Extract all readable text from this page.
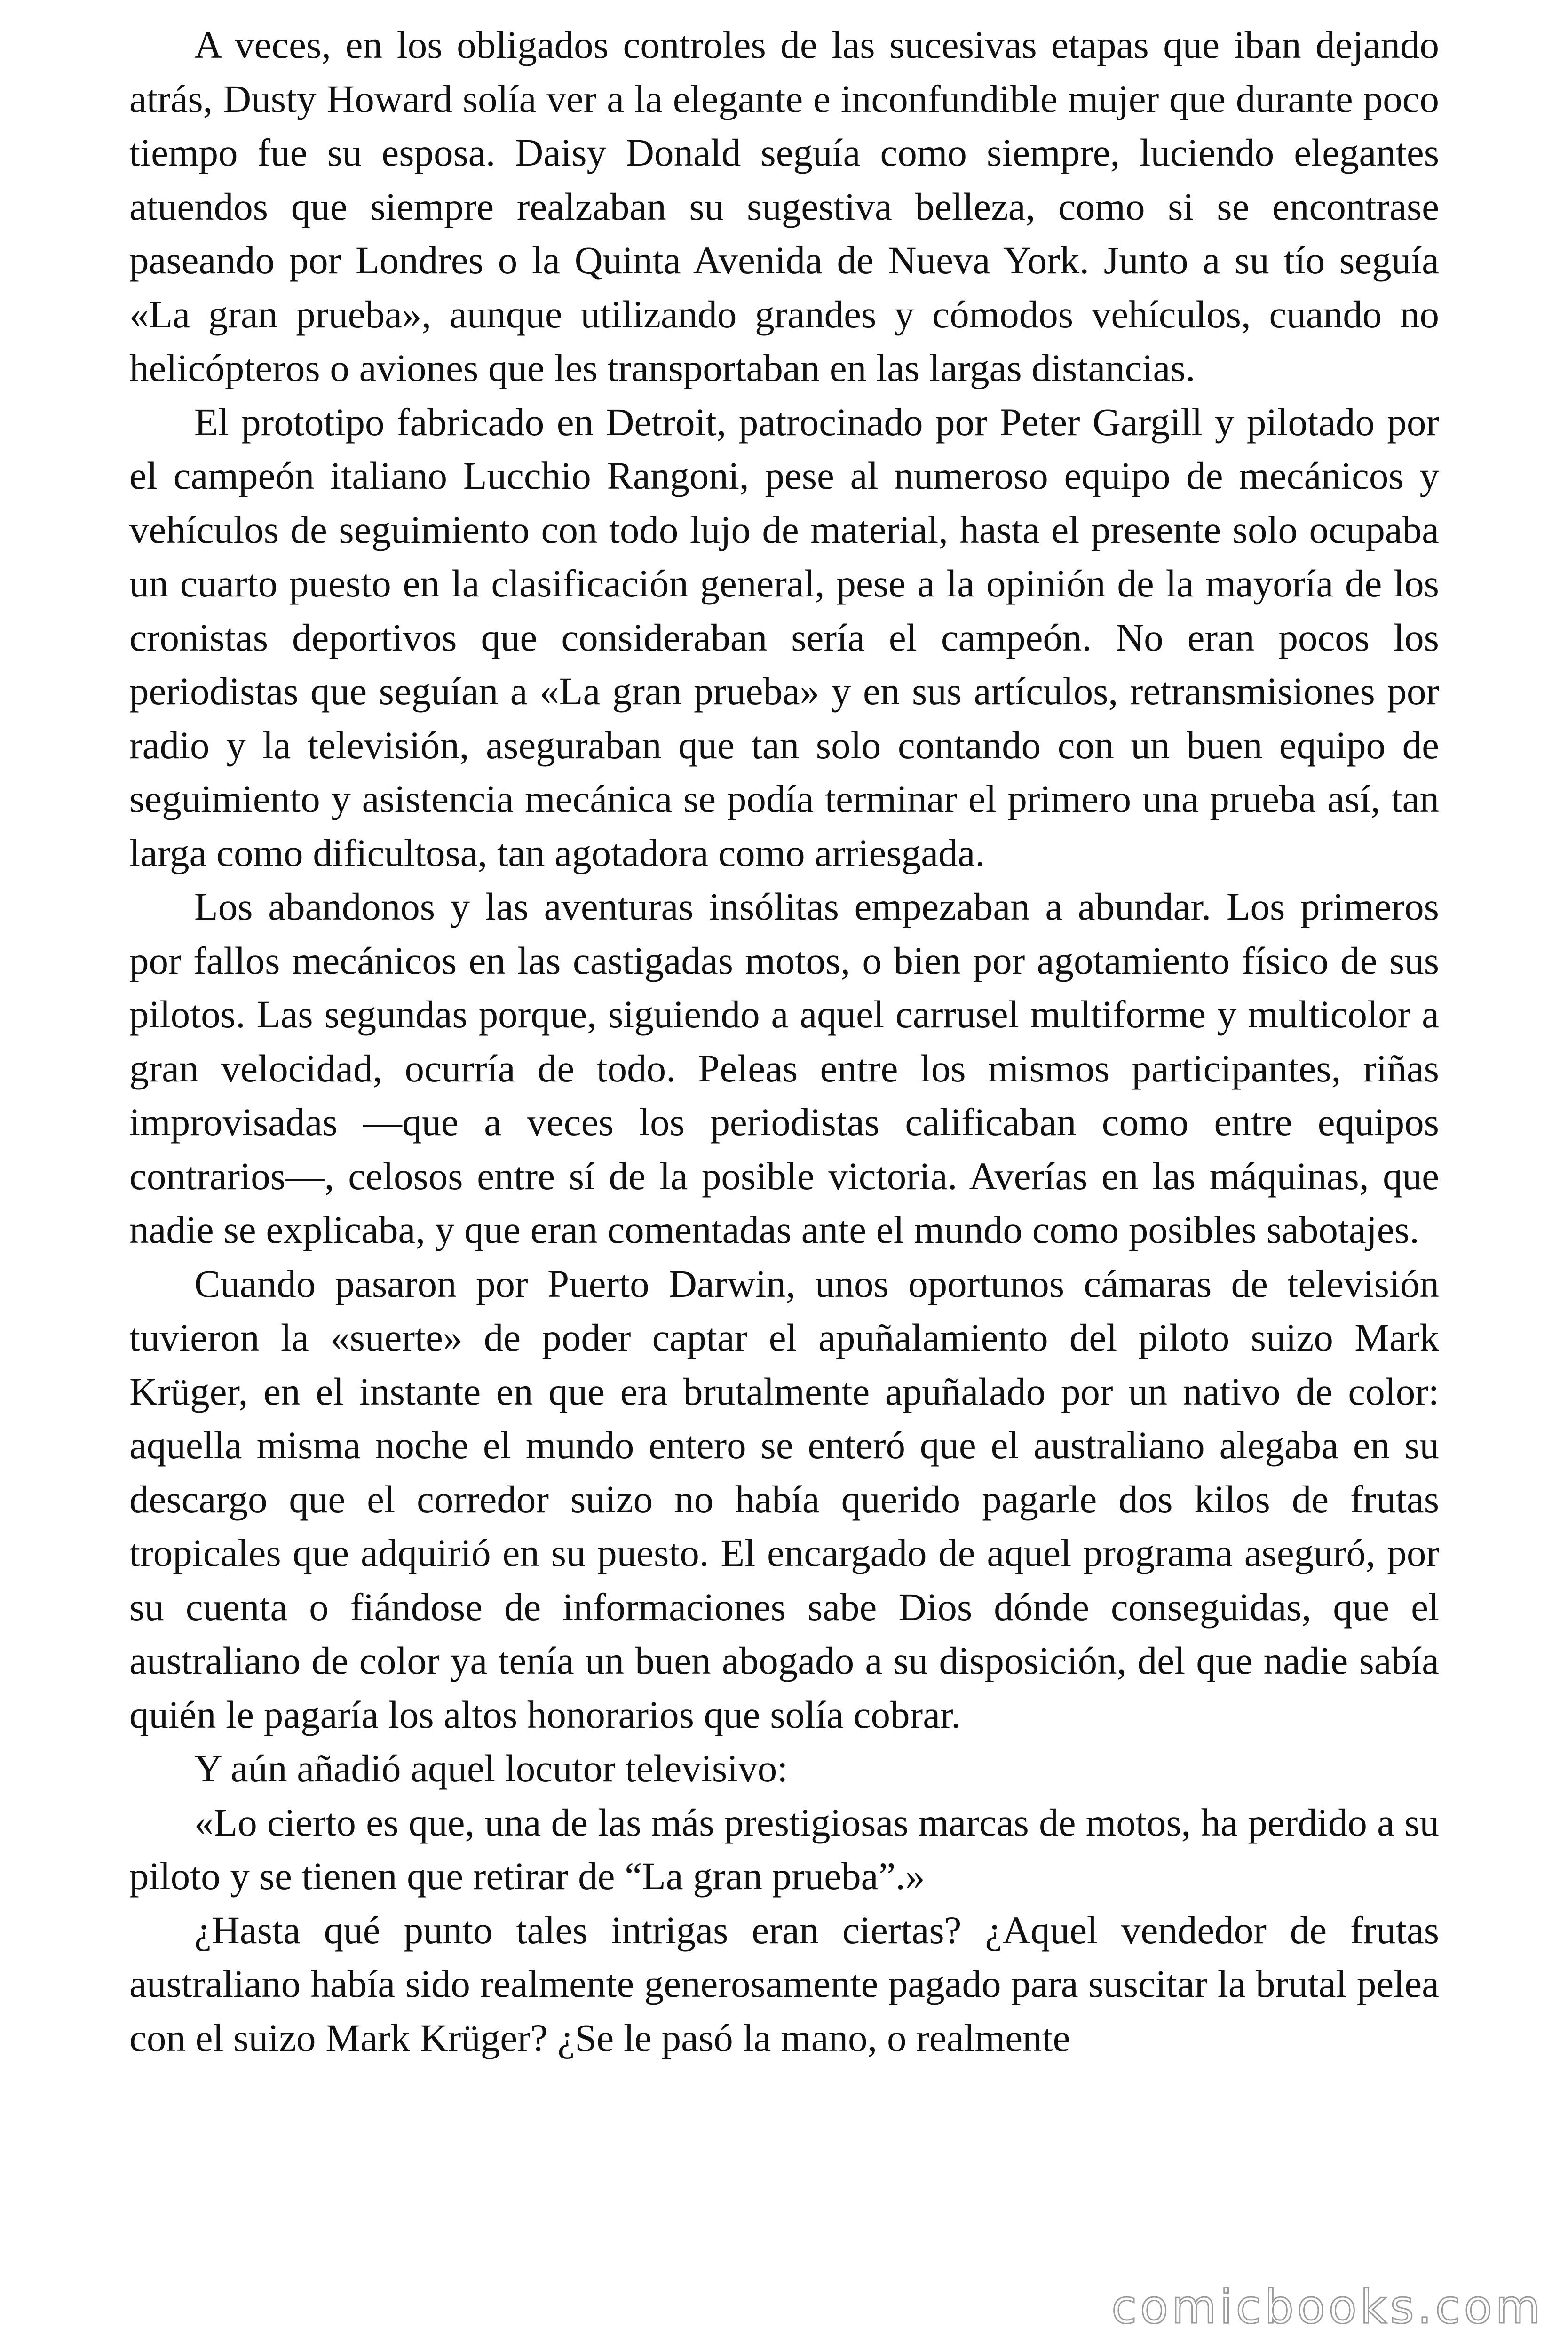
A veces, en los obligados controles de las sucesivas etapas que iban dejando atrás, Dusty Howard solía ver a la elegante e inconfundible mujer que durante poco tiempo fue su esposa. Daisy Donald seguía como siempre, luciendo elegantes atuendos que siempre realzaban su sugestiva belleza, como si se encontrase paseando por Londres o la Quinta Avenida de Nueva York. Junto a su tío seguía «La gran prueba», aunque utilizando grandes y cómodos vehículos, cuando no helicópteros o aviones que les transportaban en las largas distancias.

El prototipo fabricado en Detroit, patrocinado por Peter Gargill y pilotado por el campeón italiano Lucchio Rangoni, pese al numeroso equipo de mecánicos y vehículos de seguimiento con todo lujo de material, hasta el presente solo ocupaba un cuarto puesto en la clasificación general, pese a la opinión de la mayoría de los cronistas deportivos que consideraban sería el campeón. No eran pocos los periodistas que seguían a «La gran prueba» y en sus artículos, retransmisiones por radio y la televisión, aseguraban que tan solo contando con un buen equipo de seguimiento y asistencia mecánica se podía terminar el primero una prueba así, tan larga como dificultosa, tan agotadora como arriesgada.

Los abandonos y las aventuras insólitas empezaban a abundar. Los primeros por fallos mecánicos en las castigadas motos, o bien por agotamiento físico de sus pilotos. Las segundas porque, siguiendo a aquel carrusel multiforme y multicolor a gran velocidad, ocurría de todo. Peleas entre los mismos participantes, riñas improvisadas —que a veces los periodistas calificaban como entre equipos contrarios—, celosos entre sí de la posible victoria. Averías en las máquinas, que nadie se explicaba, y que eran comentadas ante el mundo como posibles sabotajes.

Cuando pasaron por Puerto Darwin, unos oportunos cámaras de televisión tuvieron la «suerte» de poder captar el apuñalamiento del piloto suizo Mark Krüger, en el instante en que era brutalmente apuñalado por un nativo de color: aquella misma noche el mundo entero se enteró que el australiano alegaba en su descargo que el corredor suizo no había querido pagarle dos kilos de frutas tropicales que adquirió en su puesto. El encargado de aquel programa aseguró, por su cuenta o fiándose de informaciones sabe Dios dónde conseguidas, que el australiano de color ya tenía un buen abogado a su disposición, del que nadie sabía quién le pagaría los altos honorarios que solía cobrar.

Y aún añadió aquel locutor televisivo:

«Lo cierto es que, una de las más prestigiosas marcas de motos, ha perdido a su piloto y se tienen que retirar de “La gran prueba”.»

¿Hasta qué punto tales intrigas eran ciertas? ¿Aquel vendedor de frutas australiano había sido realmente generosamente pagado para suscitar la brutal pelea con el suizo Mark Krüger? ¿Se le pasó la mano, o realmente

comicbooks.com
